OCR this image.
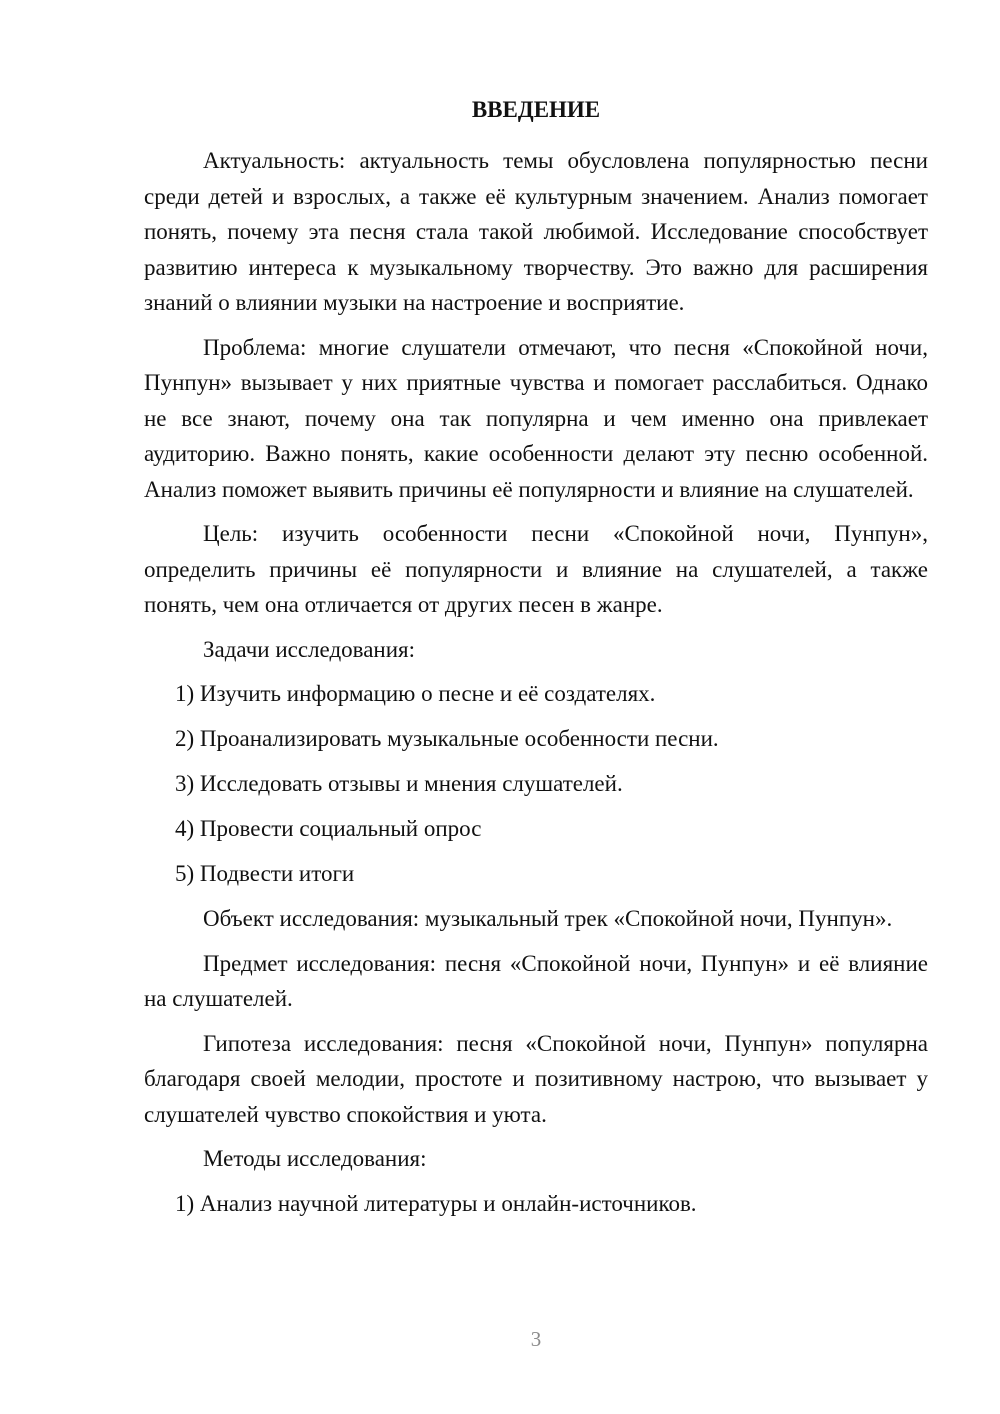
ВВЕДЕНИЕ

Актуальность: актуальность темы обусловлена популярностью песни среди детей и взрослых, а также её культурным значением. Анализ помогает понять, почему эта песня стала такой любимой. Исследование способствует развитию интереса к музыкальному творчеству. Это важно для расширения знаний о влиянии музыки на настроение и восприятие.

Проблема: многие слушатели отмечают, что песня «Спокойной ночи, Пунпун» вызывает у них приятные чувства и помогает расслабиться. Однако не все знают, почему она так популярна и чем именно она привлекает аудиторию. Важно понять, какие особенности делают эту песню особенной. Анализ поможет выявить причины её популярности и влияние на слушателей.

Цель: изучить особенности песни «Спокойной ночи, Пунпун», определить причины её популярности и влияние на слушателей, а также понять, чем она отличается от других песен в жанре.

Задачи исследования:

1) Изучить информацию о песне и её создателях.

2) Проанализировать музыкальные особенности песни.

3) Исследовать отзывы и мнения слушателей.

4) Провести социальный опрос

5) Подвести итоги

Объект исследования: музыкальный трек «Спокойной ночи, Пунпун».

Предмет исследования: песня «Спокойной ночи, Пунпун» и её влияние на слушателей.

Гипотеза исследования: песня «Спокойной ночи, Пунпун» популярна благодаря своей мелодии, простоте и позитивному настрою, что вызывает у слушателей чувство спокойствия и уюта.

Методы исследования:

1) Анализ научной литературы и онлайн-источников.

3
